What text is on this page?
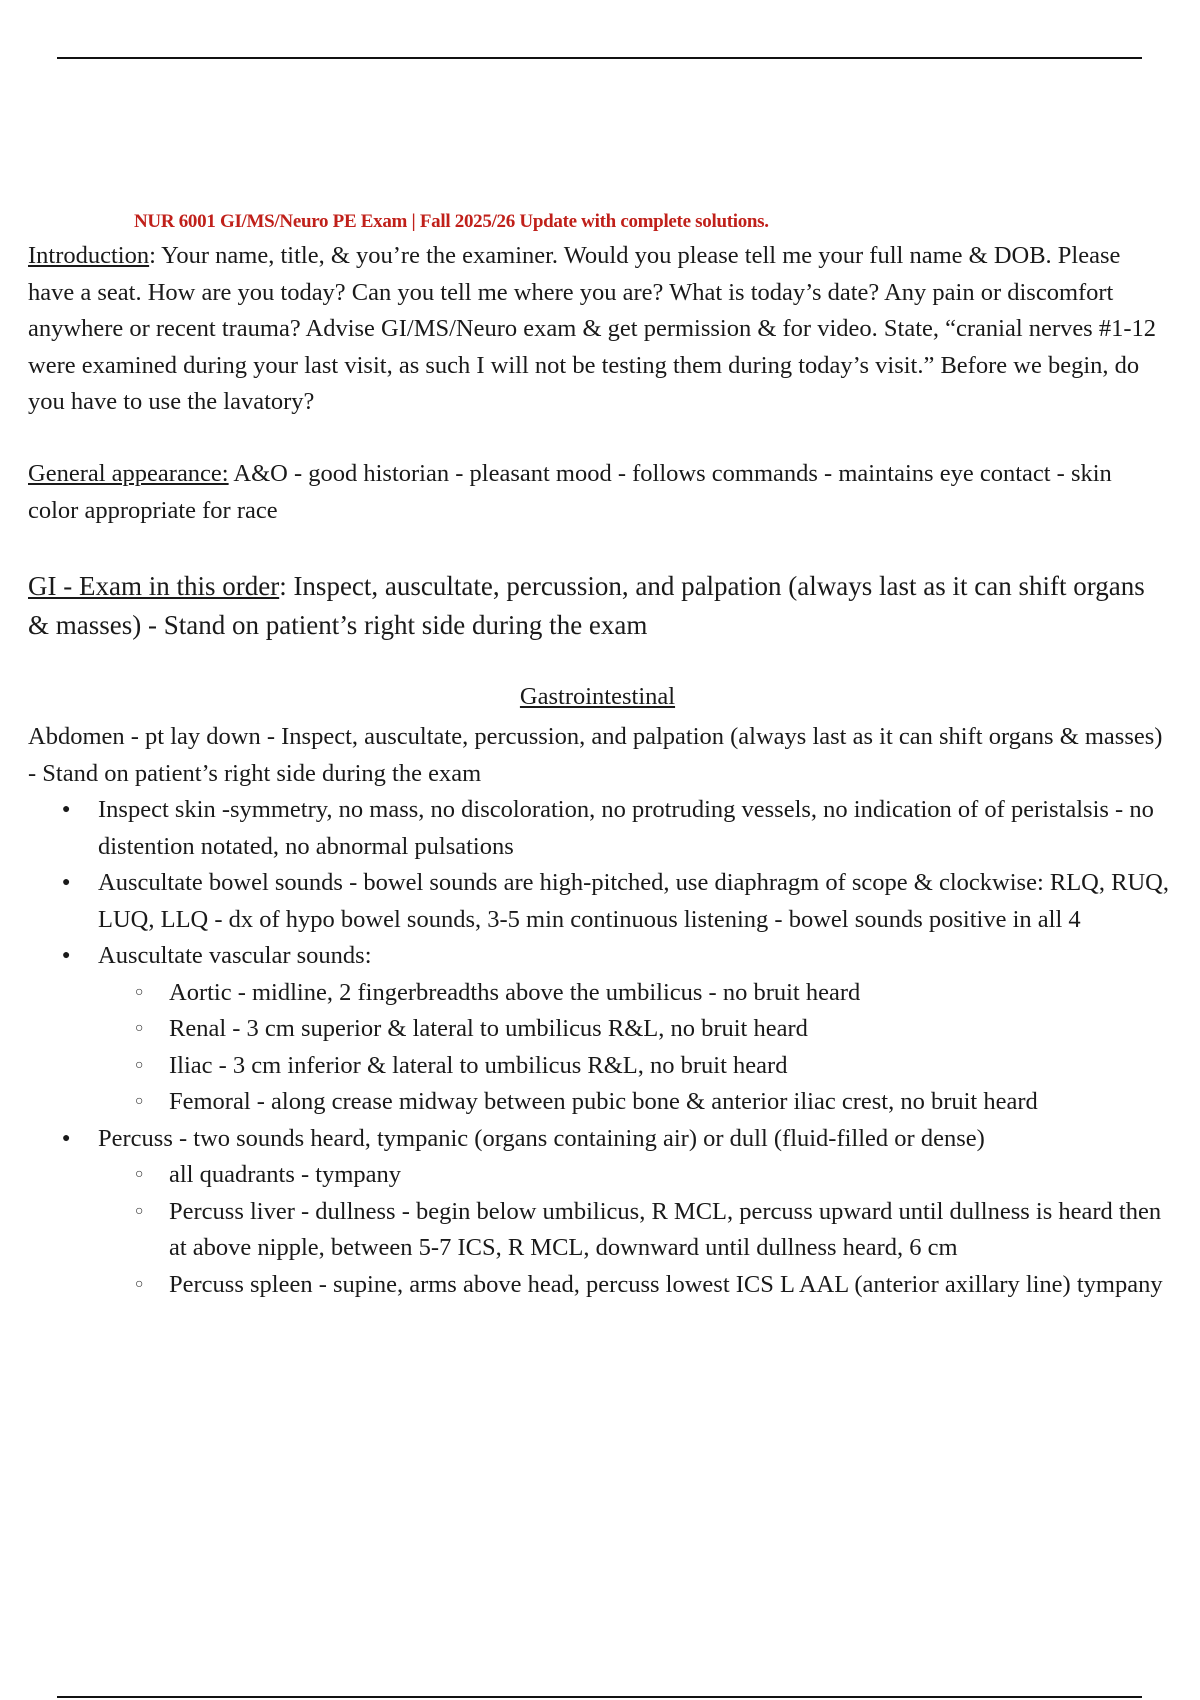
NUR 6001 GI/MS/Neuro PE Exam | Fall 2025/26 Update with complete solutions.

Introduction: Your name, title, & you’re the examiner. Would you please tell me your full name & DOB. Please have a seat. How are you today? Can you tell me where you are? What is today’s date? Any pain or discomfort anywhere or recent trauma? Advise GI/MS/Neuro exam & get permission & for video. State, “cranial nerves #1-12 were examined during your last visit, as such I will not be testing them during today’s visit.” Before we begin, do you have to use the lavatory?

General appearance: A&O - good historian - pleasant mood - follows commands - maintains eye contact - skin color appropriate for race

GI - Exam in this order: Inspect, auscultate, percussion, and palpation (always last as it can shift organs & masses) - Stand on patient’s right side during the exam

Gastrointestinal

Abdomen - pt lay down - Inspect, auscultate, percussion, and palpation (always last as it can shift organs & masses) - Stand on patient’s right side during the exam

● Inspect skin -symmetry, no mass, no discoloration, no protruding vessels, no indication of of peristalsis - no distention notated, no abnormal pulsations
● Auscultate bowel sounds - bowel sounds are high-pitched, use diaphragm of scope & clockwise: RLQ, RUQ, LUQ, LLQ - dx of hypo bowel sounds, 3-5 min continuous listening - bowel sounds positive in all 4
● Auscultate vascular sounds:
○ Aortic - midline, 2 fingerbreadths above the umbilicus - no bruit heard
○ Renal - 3 cm superior & lateral to umbilicus R&L, no bruit heard
○ Iliac - 3 cm inferior & lateral to umbilicus R&L, no bruit heard
○ Femoral - along crease midway between pubic bone & anterior iliac crest, no bruit heard
● Percuss - two sounds heard, tympanic (organs containing air) or dull (fluid-filled or dense)
○ all quadrants - tympany
○ Percuss liver - dullness - begin below umbilicus, R MCL, percuss upward until dullness is heard then at above nipple, between 5-7 ICS, R MCL, downward until dullness heard, 6 cm
○ Percuss spleen - supine, arms above head, percuss lowest ICS L AAL (anterior axillary line) tympany
